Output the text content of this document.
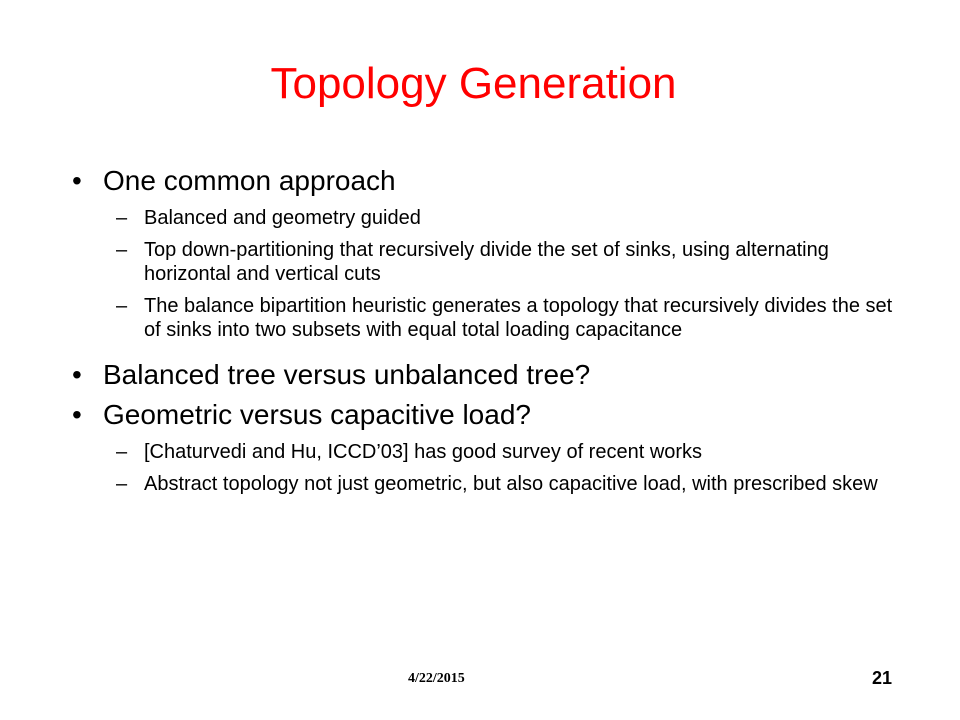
Topology Generation
• One common approach
– Balanced and geometry guided
– Top down-partitioning that recursively divide the set of sinks, using alternating horizontal and vertical cuts
– The balance bipartition heuristic generates a topology that recursively divides the set of sinks into two subsets with equal total loading capacitance
• Balanced tree versus unbalanced tree?
• Geometric versus capacitive load?
– [Chaturvedi and Hu, ICCD’03] has good survey of recent works
– Abstract topology not just geometric, but also capacitive load, with prescribed skew
4/22/2015	21
